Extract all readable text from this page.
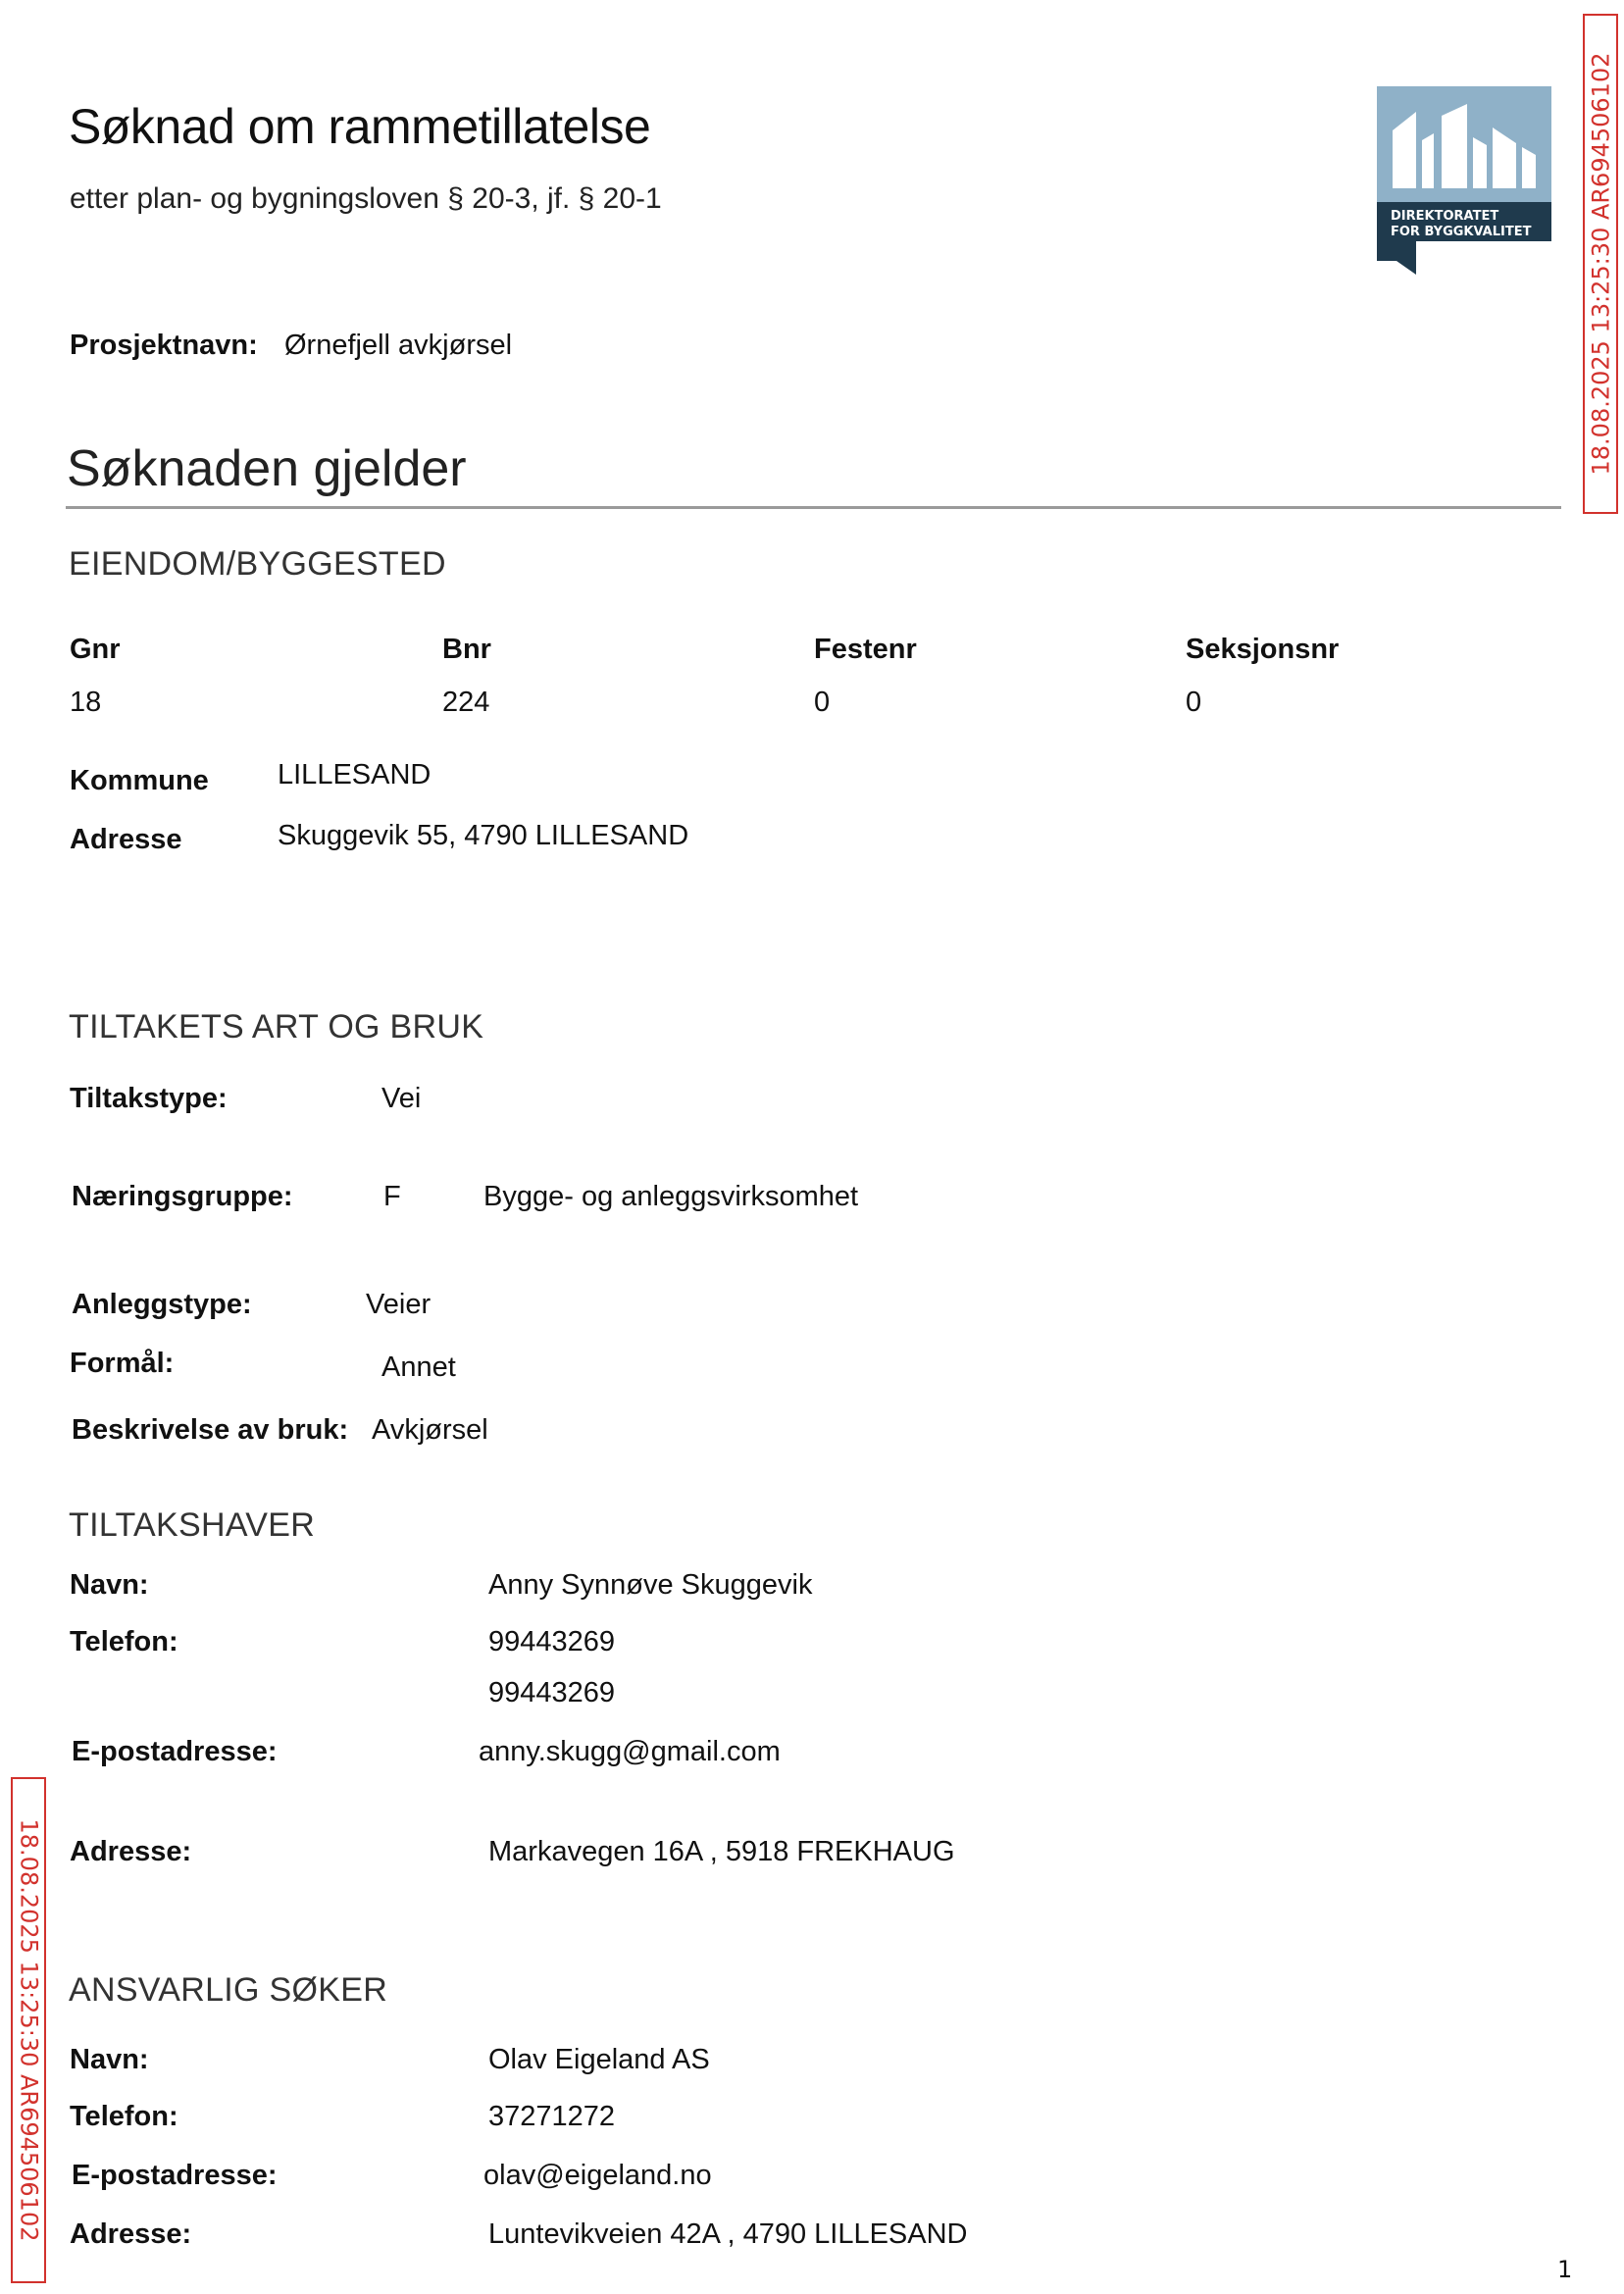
Søknad om rammetillatelse
etter plan- og bygningsloven § 20-3, jf. § 20-1
DIREKTORATET
FOR BYGGKVALITET 18.08.2025 13:25:30 AR694506102
Prosjektnavn: Ørnefjell avkjørsel
Søknaden gjelder
EIENDOM/BYGGESTED
Gnr	Bnr	Festenr	Seksjonsnr
18	224	0	0
Kommune LILLESAND
Adresse	Skuggevik 55, 4790 LILLESAND
TILTAKETS ART OG BRUK
Tiltakstype:	Vei
Næringsgruppe:	F	Bygge- og anleggsvirksomhet
Anleggstype:	Veier
Formål:	Annet
Beskrivelse av bruk: Avkjørsel
TILTAKSHAVER
Navn:	Anny Synnøve Skuggevik
Telefon:	99443269
99443269
E-postadresse:	anny.skugg@gmail.com
Adresse:	Markavegen 16A , 5918 FREKHAUG
18.08.2025 13:25:30 AR694506102 ANSVARLIG SØKER
Navn:	Olav Eigeland AS
Telefon:	37271272
E-postadresse:	olav@eigeland.no
Adresse:	Luntevikveien 42A , 4790 LILLESAND
1
